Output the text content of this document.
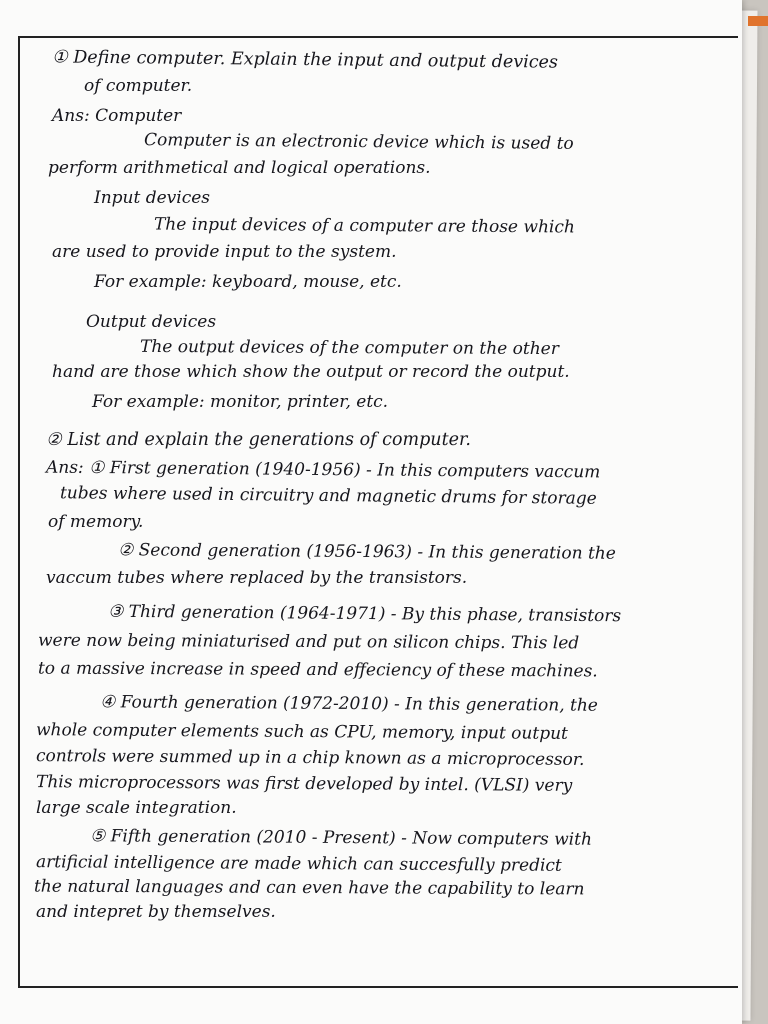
① Define computer. Explain the input and output devices
of computer.
Ans: Computer
Computer is an electronic device which is used to
perform arithmetical and logical operations.
Input devices
The input devices of a computer are those which
are used to provide input to the system.
For example: keyboard, mouse, etc.
Output devices
The output devices of the computer on the other
hand are those which show the output or record the output.
For example: monitor, printer, etc.
② List and explain the generations of computer.
Ans: ① First generation (1940-1956) - In this computers vaccum
tubes where used in circuitry and magnetic drums for storage
of memory.
② Second generation (1956-1963) - In this generation the
vaccum tubes where replaced by the transistors.
③ Third generation (1964-1971) - By this phase, transistors
were now being miniaturised and put on silicon chips. This led
to a massive increase in speed and effeciency of these machines.
④ Fourth generation (1972-2010) - In this generation, the
whole computer elements such as CPU, memory, input output
controls were summed up in a chip known as a microprocessor.
This microprocessors was first developed by intel. (VLSI) very
large scale integration.
⑤ Fifth generation (2010 - Present) - Now computers with
artificial intelligence are made which can succesfully predict
the natural languages and can even have the capability to learn
and intepret by themselves.
